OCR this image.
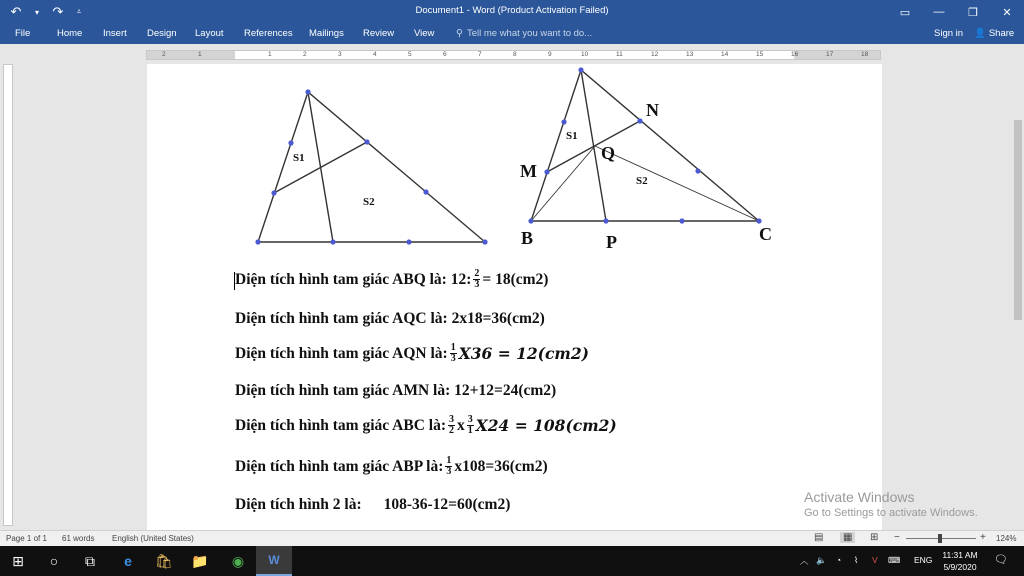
↶	▾	↷	⩡	Document1 - Word (Product Activation Failed)	▭	—	❐	✕
File	Home Insert Design Layout References Mailings Review View ⚲ Tell me what you want to do...	Sign in 👤 Share
2	1	1	2	3	4	5	6	7	8	9	10	11	12	13	14	15	16	17	18
S1
S2
S1
S2
M
N
Q
B	P	C
Diện tích hình tam giác ABQ là: 12: $\frac{2}{3} = 18(cm2)$
Diện tích hình tam giác AQC là: 2x18=36(cm2)
Diện tích hình tam giác AQN là: $\frac{1}{3} X36 = 12(cm2)$
Diện tích hình tam giác AMN là: 12+12=24(cm2)
Diện tích hình tam giác ABC là: $\frac{3}{2}$ x $\frac{3}{1} X24 = 108(cm2)$
Diện tích hình tam giác ABP là: $\frac{1}{3} x108=36(cm2)$
Diện tích hình 2 là: 108-36-12=60(cm2)	Activate Windows
Go to Settings to activate Windows.
Page 1 of 1 61 words English (United States)	▤	▦	⊞ −	+ 124%
⊞	○	⧉	e	🛍	📁	◉	W	︿ 🔈 ◔ ⌇ V ⌨ ENG	11:31 AM
5/9/2020
🗨
